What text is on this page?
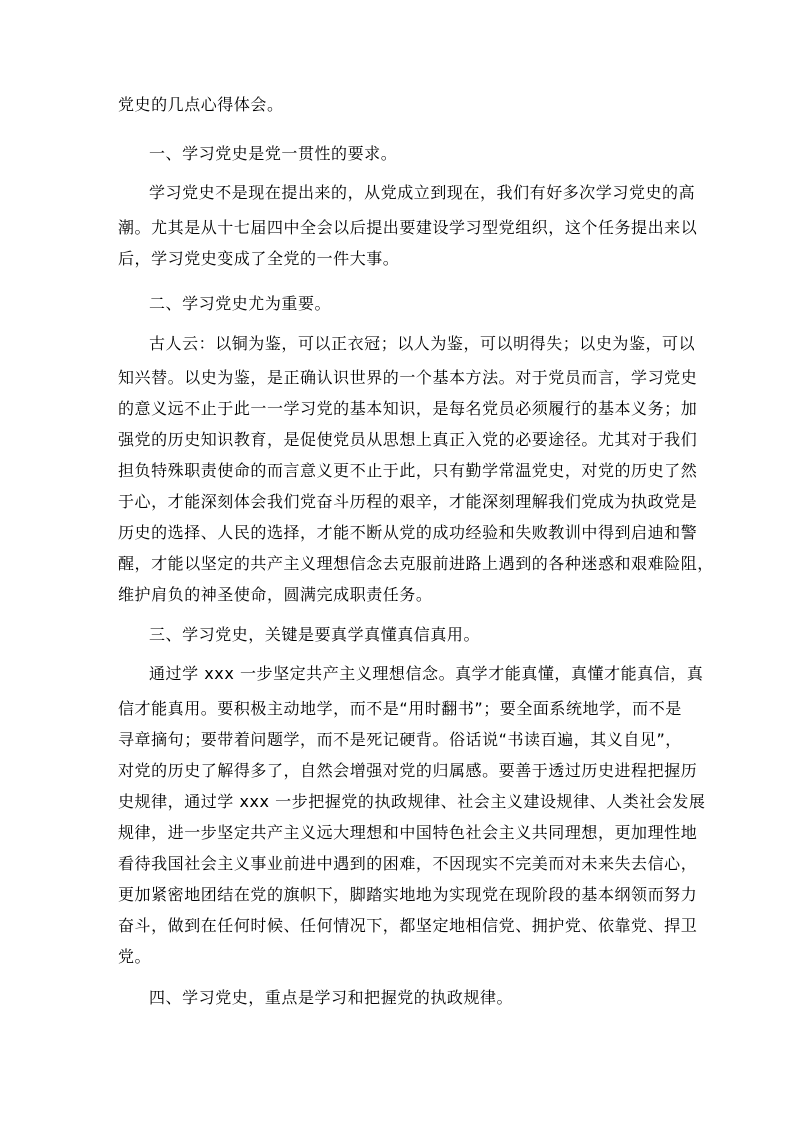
党史的几点心得体会。

一、学习党史是党一贯性的要求。

学习党史不是现在提出来的，从党成立到现在，我们有好多次学习党史的高

潮。尤其是从十七届四中全会以后提出要建设学习型党组织，这个任务提出来以

后，学习党史变成了全党的一件大事。

二、学习党史尤为重要。

古人云：以铜为鉴，可以正衣冠；以人为鉴，可以明得失；以史为鉴，可以

知兴替。以史为鉴，是正确认识世界的一个基本方法。对于党员而言，学习党史

的意义远不止于此一一学习党的基本知识，是每名党员必须履行的基本义务；加

强党的历史知识教育，是促使党员从思想上真正入党的必要途径。尤其对于我们

担负特殊职责使命的而言意义更不止于此，只有勤学常温党史，对党的历史了然

于心，才能深刻体会我们党奋斗历程的艰辛，才能深刻理解我们党成为执政党是

历史的选择、人民的选择，才能不断从党的成功经验和失败教训中得到启迪和警

醒，才能以坚定的共产主义理想信念去克服前进路上遇到的各种迷惑和艰难险阻，

维护肩负的神圣使命，圆满完成职责任务。

三、学习党史，关键是要真学真懂真信真用。

通过学 xxx 一步坚定共产主义理想信念。真学才能真懂，真懂才能真信，真

信才能真用。要积极主动地学，而不是“用时翻书”；要全面系统地学，而不是

寻章摘句；要带着问题学，而不是死记硬背。俗话说“书读百遍，其义自见”，

对党的历史了解得多了，自然会增强对党的归属感。要善于透过历史进程把握历

史规律，通过学 xxx 一步把握党的执政规律、社会主义建设规律、人类社会发展

规律，进一步坚定共产主义远大理想和中国特色社会主义共同理想，更加理性地

看待我国社会主义事业前进中遇到的困难，不因现实不完美而对未来失去信心，

更加紧密地团结在党的旗帜下，脚踏实地地为实现党在现阶段的基本纲领而努力

奋斗，做到在任何时候、任何情况下，都坚定地相信党、拥护党、依靠党、捍卫

党。

四、学习党史，重点是学习和把握党的执政规律。
